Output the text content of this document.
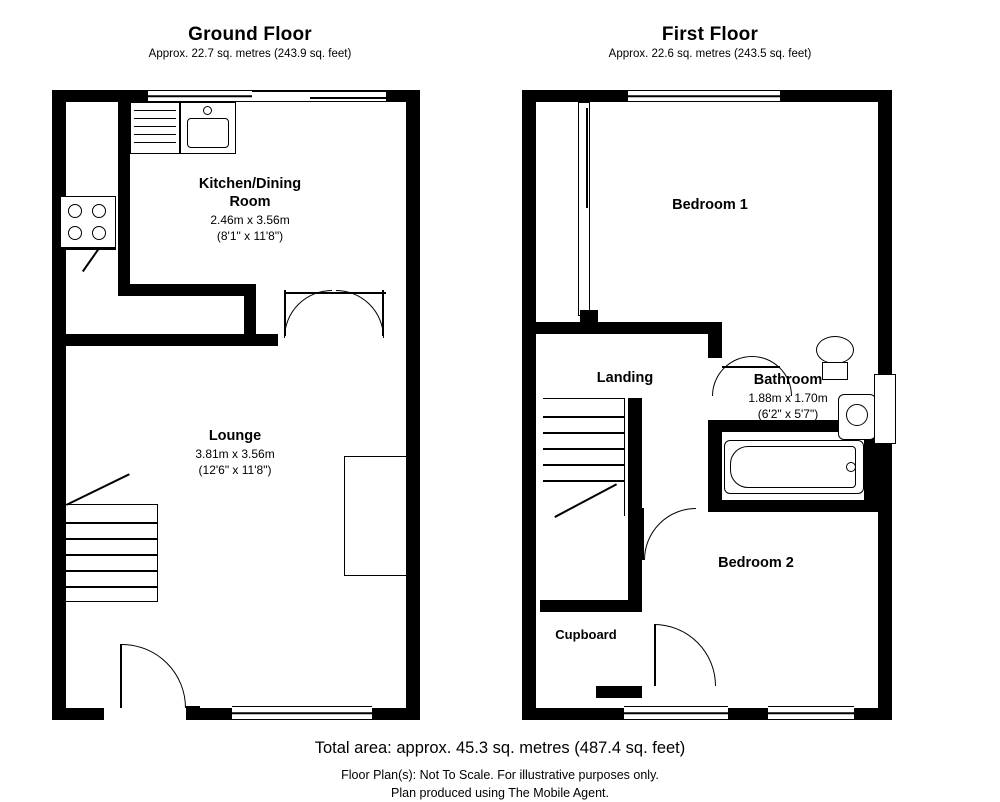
Ground Floor
Approx. 22.7 sq. metres (243.9 sq. feet)
Kitchen/Dining
Room
2.46m x 3.56m
(8'1" x 11'8")
Lounge
3.81m x 3.56m
(12'6" x 11'8")
First Floor
Approx. 22.6 sq. metres (243.5 sq. feet)
Bedroom 1
Landing	Bathroom
1.88m x 1.70m
(6'2" x 5'7")
Bedroom 2
Cupboard
Total area: approx. 45.3 sq. metres (487.4 sq. feet)
Floor Plan(s): Not To Scale. For illustrative purposes only.
Plan produced using The Mobile Agent.
